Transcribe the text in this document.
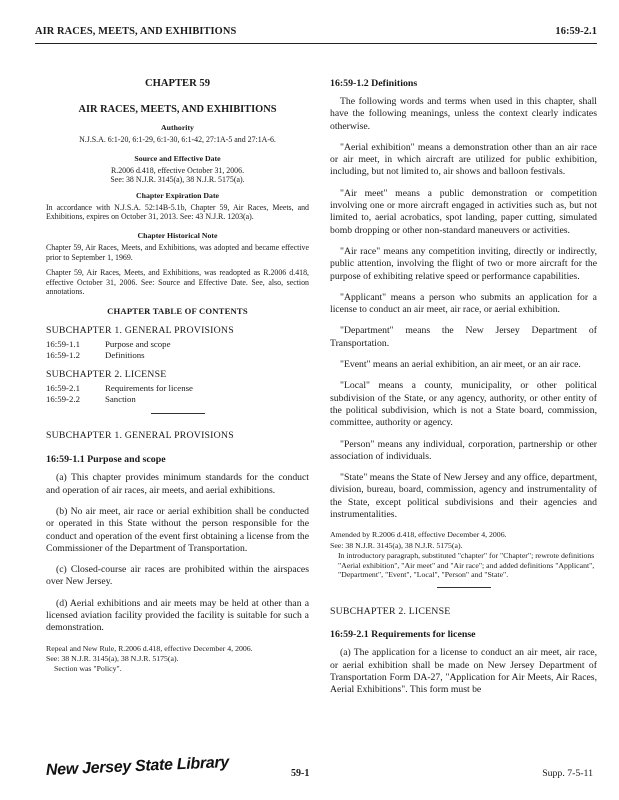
AIR RACES, MEETS, AND EXHIBITIONS	16:59-2.1
CHAPTER 59
AIR RACES, MEETS, AND EXHIBITIONS
Authority
N.J.S.A. 6:1-20, 6:1-29, 6:1-30, 6:1-42, 27:1A-5 and 27:1A-6.
Source and Effective Date
R.2006 d.418, effective October 31, 2006.
See: 38 N.J.R. 3145(a), 38 N.J.R. 5175(a).
Chapter Expiration Date
In accordance with N.J.S.A. 52:14B-5.1b, Chapter 59, Air Races, Meets, and Exhibitions, expires on October 31, 2013. See: 43 N.J.R. 1203(a).
Chapter Historical Note
Chapter 59, Air Races, Meets, and Exhibitions, was adopted and became effective prior to September 1, 1969.
Chapter 59, Air Races, Meets, and Exhibitions, was readopted as R.2006 d.418, effective October 31, 2006. See: Source and Effective Date. See, also, section annotations.
CHAPTER TABLE OF CONTENTS
SUBCHAPTER 1. GENERAL PROVISIONS
16:59-1.1	Purpose and scope
16:59-1.2	Definitions
SUBCHAPTER 2. LICENSE
16:59-2.1	Requirements for license
16:59-2.2	Sanction
SUBCHAPTER 1. GENERAL PROVISIONS
16:59-1.1 Purpose and scope
(a) This chapter provides minimum standards for the conduct and operation of air races, air meets, and aerial exhibitions.
(b) No air meet, air race or aerial exhibition shall be conducted or operated in this State without the person responsible for the conduct and operation of the event first obtaining a license from the Commissioner of the Department of Transportation.
(c) Closed-course air races are prohibited within the airspaces over New Jersey.
(d) Aerial exhibitions and air meets may be held at other than a licensed aviation facility provided the facility is suitable for such a demonstration.
Repeal and New Rule, R.2006 d.418, effective December 4, 2006.
See: 38 N.J.R. 3145(a), 38 N.J.R. 5175(a).
Section was "Policy".
16:59-1.2 Definitions
The following words and terms when used in this chapter, shall have the following meanings, unless the context clearly indicates otherwise.
"Aerial exhibition" means a demonstration other than an air race or air meet, in which aircraft are utilized for public exhibition, including, but not limited to, air shows and balloon festivals.
"Air meet" means a public demonstration or competition involving one or more aircraft engaged in activities such as, but not limited to, aerial acrobatics, spot landing, paper cutting, simulated bomb dropping or other non-standard maneuvers or activities.
"Air race" means any competition inviting, directly or indirectly, public attention, involving the flight of two or more aircraft for the purpose of exhibiting relative speed or performance capabilities.
"Applicant" means a person who submits an application for a license to conduct an air meet, air race, or aerial exhibition.
"Department" means the New Jersey Department of Transportation.
"Event" means an aerial exhibition, an air meet, or an air race.
"Local" means a county, municipality, or other political subdivision of the State, or any agency, authority, or other entity of the political subdivision, which is not a State board, commission, committee, authority or agency.
"Person" means any individual, corporation, partnership or other association of individuals.
"State" means the State of New Jersey and any office, department, division, bureau, board, commission, agency and instrumentality of the State, except political subdivisions and their agencies and instrumentalities.
Amended by R.2006 d.418, effective December 4, 2006.
See: 38 N.J.R. 3145(a), 38 N.J.R. 5175(a).
In introductory paragraph, substituted "chapter" for "Chapter"; rewrote definitions "Aerial exhibition", "Air meet" and "Air race"; and added definitions "Applicant", "Department", "Event", "Local", "Person" and "State".
SUBCHAPTER 2. LICENSE
16:59-2.1 Requirements for license
(a) The application for a license to conduct an air meet, air race, or aerial exhibition shall be made on New Jersey Department of Transportation Form DA-27, "Application for Air Meets, Air Races, Aerial Exhibitions". This form must be
New Jersey State Library	59-1	Supp. 7-5-11
